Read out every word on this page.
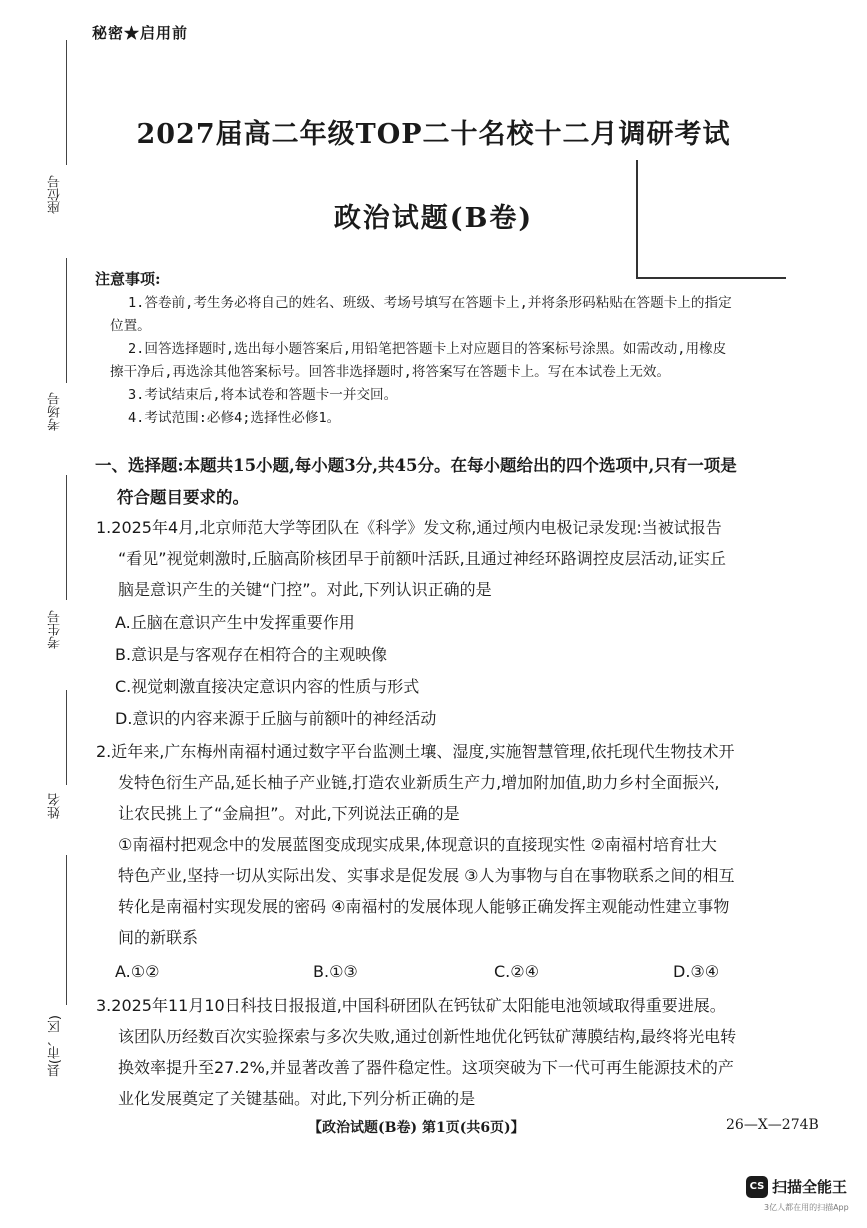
秘密★启用前
2027届高二年级TOP二十名校十二月调研考试
政治试题(B卷)
座位号
考场号
考生号
姓名
县(市、区)
注意事项:
1.答卷前,考生务必将自己的姓名、班级、考场号填写在答题卡上,并将条形码粘贴在答题卡上的指定
位置。
2.回答选择题时,选出每小题答案后,用铅笔把答题卡上对应题目的答案标号涂黑。如需改动,用橡皮
擦干净后,再选涂其他答案标号。回答非选择题时,将答案写在答题卡上。写在本试卷上无效。
3.考试结束后,将本试卷和答题卡一并交回。
4.考试范围:必修4;选择性必修1。
一、选择题:本题共15小题,每小题3分,共45分。在每小题给出的四个选项中,只有一项是
符合题目要求的。
1.2025年4月,北京师范大学等团队在《科学》发文称,通过颅内电极记录发现:当被试报告
“看见”视觉刺激时,丘脑高阶核团早于前额叶活跃,且通过神经环路调控皮层活动,证实丘
脑是意识产生的关键“门控”。对此,下列认识正确的是
A.丘脑在意识产生中发挥重要作用
B.意识是与客观存在相符合的主观映像
C.视觉刺激直接决定意识内容的性质与形式
D.意识的内容来源于丘脑与前额叶的神经活动
2.近年来,广东梅州南福村通过数字平台监测土壤、湿度,实施智慧管理,依托现代生物技术开
发特色衍生产品,延长柚子产业链,打造农业新质生产力,增加附加值,助力乡村全面振兴,
让农民挑上了“金扁担”。对此,下列说法正确的是
①南福村把观念中的发展蓝图变成现实成果,体现意识的直接现实性 ②南福村培育壮大
特色产业,坚持一切从实际出发、实事求是促发展 ③人为事物与自在事物联系之间的相互
转化是南福村实现发展的密码 ④南福村的发展体现人能够正确发挥主观能动性建立事物
间的新联系
A.①②	B.①③	C.②④	D.③④
3.2025年11月10日科技日报报道,中国科研团队在钙钛矿太阳能电池领域取得重要进展。
该团队历经数百次实验探索与多次失败,通过创新性地优化钙钛矿薄膜结构,最终将光电转
换效率提升至27.2%,并显著改善了器件稳定性。这项突破为下一代可再生能源技术的产
业化发展奠定了关键基础。对此,下列分析正确的是
【政治试题(B卷) 第1页(共6页)】	26—X—274B
CS 扫描全能王
3亿人都在用的扫描App
